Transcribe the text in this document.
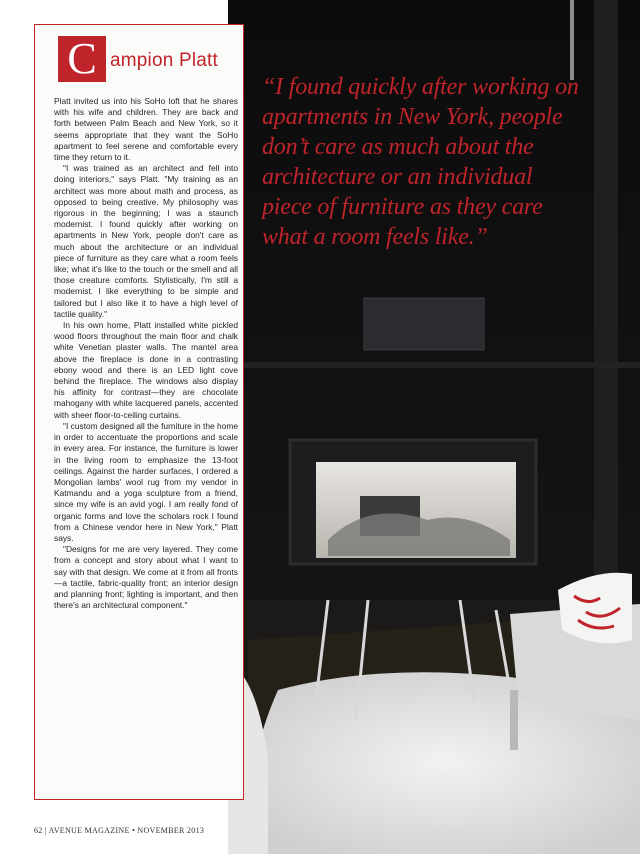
“I found quickly after working on apartments in New York, people don’t care as much about the architecture or an individual piece of furniture as they care what a room feels like.”
C ampion Platt

Platt invited us into his SoHo loft that he shares with his wife and children. They are back and forth between Palm Beach and New York, so it seems appropriate that they want the SoHo apartment to feel serene and comfortable every time they return to it.

"I was trained as an architect and fell into doing interiors," says Platt. "My training as an architect was more about math and process, as opposed to being creative. My philosophy was rigorous in the beginning; I was a staunch modernist. I found quickly after working on apartments in New York, people don't care as much about the architecture or an individual piece of furniture as they care what a room feels like; what it's like to the touch or the smell and all those creature comforts. Stylistically, I'm still a modernist. I like everything to be simple and tailored but I also like it to have a high level of tactile quality."

In his own home, Platt installed white pickled wood floors throughout the main floor and chalk white Venetian plaster walls. The mantel area above the fireplace is done in a contrasting ebony wood and there is an LED light cove behind the fireplace. The windows also display his affinity for contrast—they are chocolate mahogany with white lacquered panels, accented with sheer floor-to-ceiling curtains.

"I custom designed all the furniture in the home in order to accentuate the proportions and scale in every area. For instance, the furniture is lower in the living room to emphasize the 13-foot ceilings. Against the harder surfaces, I ordered a Mongolian lambs' wool rug from my vendor in Katmandu and a yoga sculpture from a friend, since my wife is an avid yogi. I am really fond of organic forms and love the scholars rock I found from a Chinese vendor here in New York," Platt says.

"Designs for me are very layered. They come from a concept and story about what I want to say with that design. We come at it from all fronts—a tactile, fabric-quality front; an interior design and planning front; lighting is important, and then there's an architectural component."

62 | AVENUE MAGAZINE • NOVEMBER 2013
